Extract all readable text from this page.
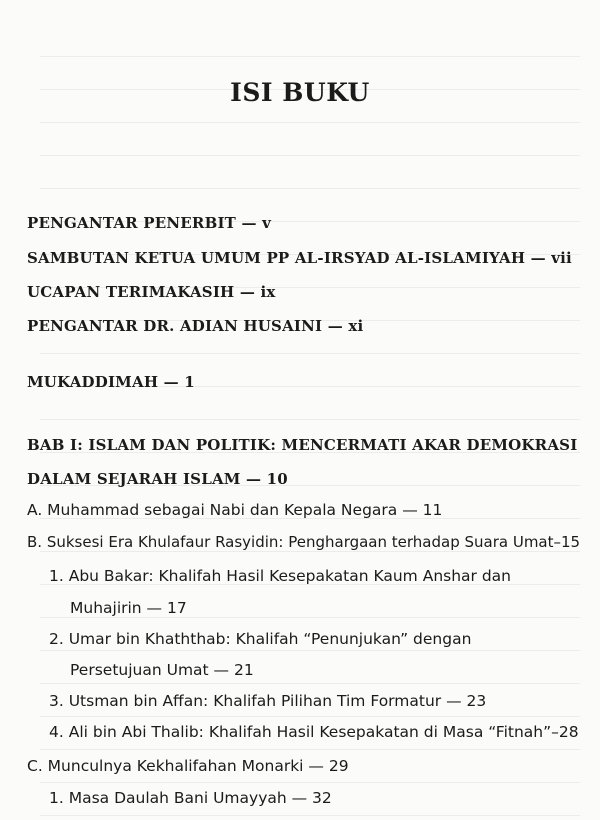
ISI BUKU
PENGANTAR PENERBIT — v
SAMBUTAN KETUA UMUM PP AL-IRSYAD AL-ISLAMIYAH — vii
UCAPAN TERIMAKASIH — ix
PENGANTAR DR. ADIAN HUSAINI — xi
MUKADDIMAH — 1
BAB I: ISLAM DAN POLITIK: MENCERMATI AKAR DEMOKRASI
DALAM SEJARAH ISLAM — 10
A. Muhammad sebagai Nabi dan Kepala Negara — 11
B. Suksesi Era Khulafaur Rasyidin: Penghargaan terhadap Suara Umat–15
1. Abu Bakar: Khalifah Hasil Kesepakatan Kaum Anshar dan
Muhajirin — 17
2. Umar bin Khaththab: Khalifah “Penunjukan” dengan
Persetujuan Umat — 21
3. Utsman bin Affan: Khalifah Pilihan Tim Formatur — 23
4. Ali bin Abi Thalib: Khalifah Hasil Kesepakatan di Masa “Fitnah”–28
C. Munculnya Kekhalifahan Monarki — 29
1. Masa Daulah Bani Umayyah — 32
